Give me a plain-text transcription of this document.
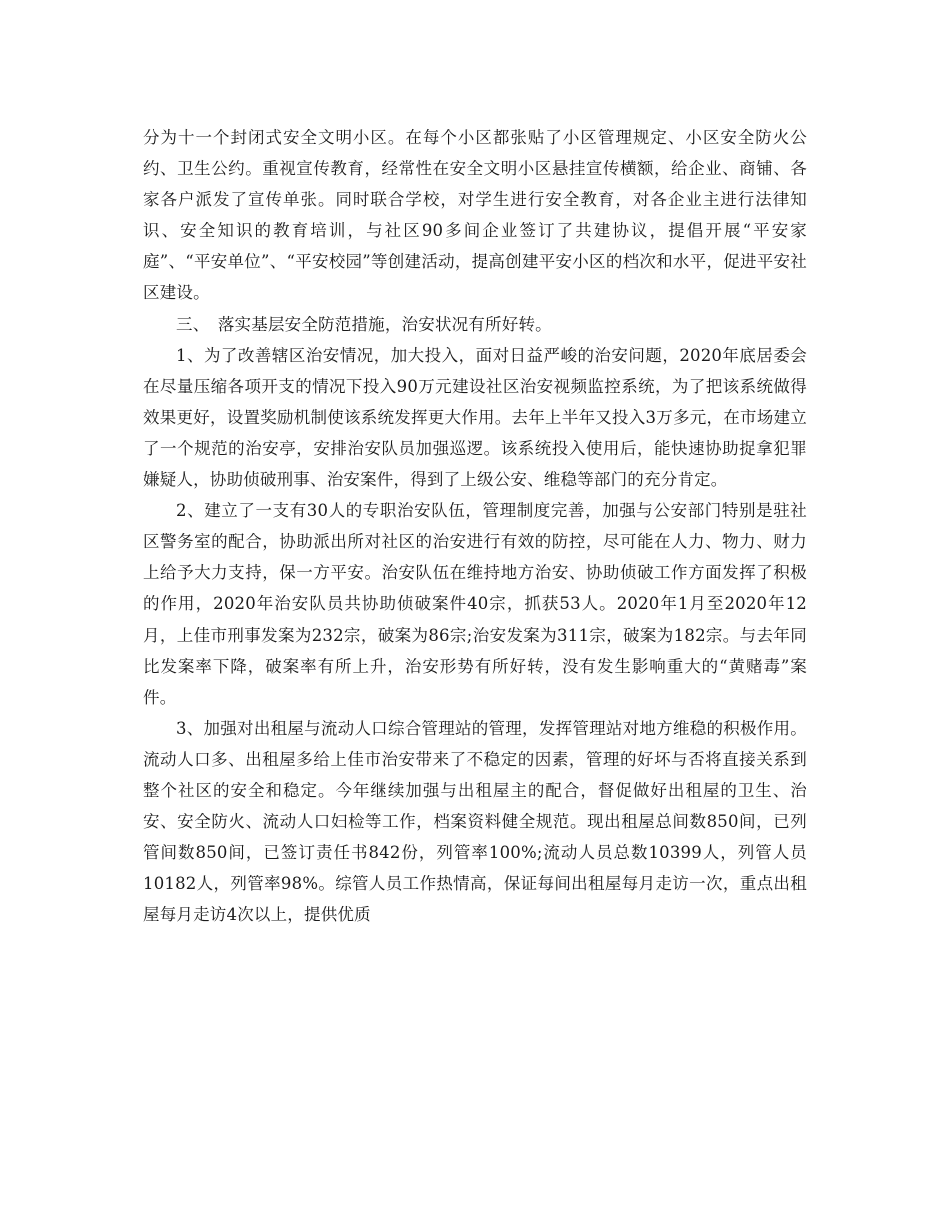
分为十一个封闭式安全文明小区。在每个小区都张贴了小区管理规定、小区安全防火公约、卫生公约。重视宣传教育，经常性在安全文明小区悬挂宣传横额，给企业、商铺、各家各户派发了宣传单张。同时联合学校，对学生进行安全教育，对各企业主进行法律知识、安全知识的教育培训，与社区90多间企业签订了共建协议，提倡开展“平安家庭”、“平安单位”、“平安校园”等创建活动，提高创建平安小区的档次和水平，促进平安社区建设。

三、　落实基层安全防范措施，治安状况有所好转。

1、为了改善辖区治安情况，加大投入，面对日益严峻的治安问题，2020年底居委会在尽量压缩各项开支的情况下投入90万元建设社区治安视频监控系统，为了把该系统做得效果更好，设置奖励机制使该系统发挥更大作用。去年上半年又投入3万多元，在市场建立了一个规范的治安亭，安排治安队员加强巡逻。该系统投入使用后，能快速协助捉拿犯罪嫌疑人，协助侦破刑事、治安案件，得到了上级公安、维稳等部门的充分肯定。

2、建立了一支有30人的专职治安队伍，管理制度完善，加强与公安部门特别是驻社区警务室的配合，协助派出所对社区的治安进行有效的防控，尽可能在人力、物力、财力上给予大力支持，保一方平安。治安队伍在维持地方治安、协助侦破工作方面发挥了积极的作用，2020年治安队员共协助侦破案件40宗，抓获53人。2020年1月至2020年12月，上佳市刑事发案为232宗，破案为86宗;治安发案为311宗，破案为182宗。与去年同比发案率下降，破案率有所上升，治安形势有所好转，没有发生影响重大的“黄赌毒”案件。

3、加强对出租屋与流动人口综合管理站的管理，发挥管理站对地方维稳的积极作用。流动人口多、出租屋多给上佳市治安带来了不稳定的因素，管理的好坏与否将直接关系到整个社区的安全和稳定。今年继续加强与出租屋主的配合，督促做好出租屋的卫生、治安、安全防火、流动人口妇检等工作，档案资料健全规范。现出租屋总间数850间，已列管间数850间，已签订责任书842份，列管率100%;流动人员总数10399人，列管人员10182人，列管率98%。综管人员工作热情高，保证每间出租屋每月走访一次，重点出租屋每月走访4次以上，提供优质
